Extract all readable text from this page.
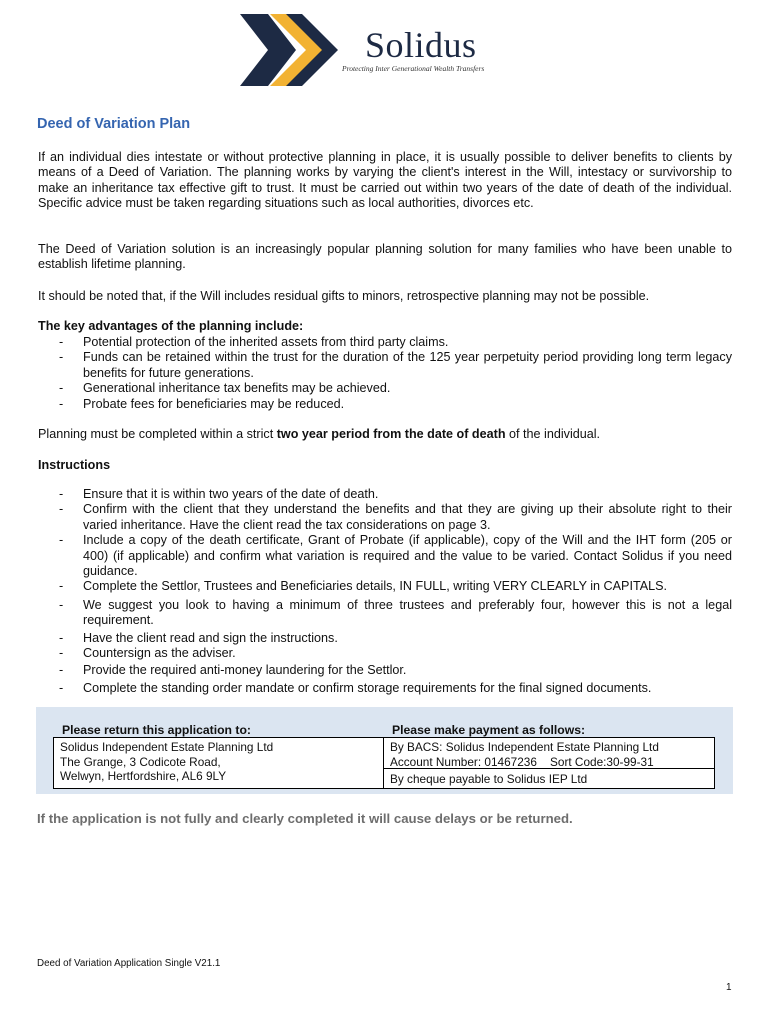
Solidus
Protecting Inter Generational Wealth Transfers
Deed of Variation Plan

If an individual dies intestate or without protective planning in place, it is usually possible to deliver benefits to clients by means of a Deed of Variation. The planning works by varying the client's interest in the Will, intestacy or survivorship to make an inheritance tax effective gift to trust. It must be carried out within two years of the date of death of the individual. Specific advice must be taken regarding situations such as local authorities, divorces etc.

The Deed of Variation solution is an increasingly popular planning solution for many families who have been unable to establish lifetime planning.

It should be noted that, if the Will includes residual gifts to minors, retrospective planning may not be possible.

The key advantages of the planning include:

- Potential protection of the inherited assets from third party claims.
- Funds can be retained within the trust for the duration of the 125 year perpetuity period providing long term legacy benefits for future generations.
- Generational inheritance tax benefits may be achieved.
- Probate fees for beneficiaries may be reduced.

Planning must be completed within a strict two year period from the date of death of the individual.

Instructions

- Ensure that it is within two years of the date of death.
- Confirm with the client that they understand the benefits and that they are giving up their absolute right to their varied inheritance. Have the client read the tax considerations on page 3.
- Include a copy of the death certificate, Grant of Probate (if applicable), copy of the Will and the IHT form (205 or 400) (if applicable) and confirm what variation is required and the value to be varied. Contact Solidus if you need guidance.
- Complete the Settlor, Trustees and Beneficiaries details, IN FULL, writing VERY CLEARLY in CAPITALS.
- We suggest you look to having a minimum of three trustees and preferably four, however this is not a legal requirement.
- Have the client read and sign the instructions.
- Countersign as the adviser.
- Provide the required anti-money laundering for the Settlor.
- Complete the standing order mandate or confirm storage requirements for the final signed documents.
Please return this application to:	Please make payment as follows:
Solidus Independent Estate Planning Ltd
The Grange, 3 Codicote Road,
Welwyn, Hertfordshire, AL6 9LY
By BACS: Solidus Independent Estate Planning Ltd
Account Number: 01467236    Sort Code:30-99-31
By cheque payable to Solidus IEP Ltd

If the application is not fully and clearly completed it will cause delays or be returned.

Deed of Variation Application Single V21.1
1
